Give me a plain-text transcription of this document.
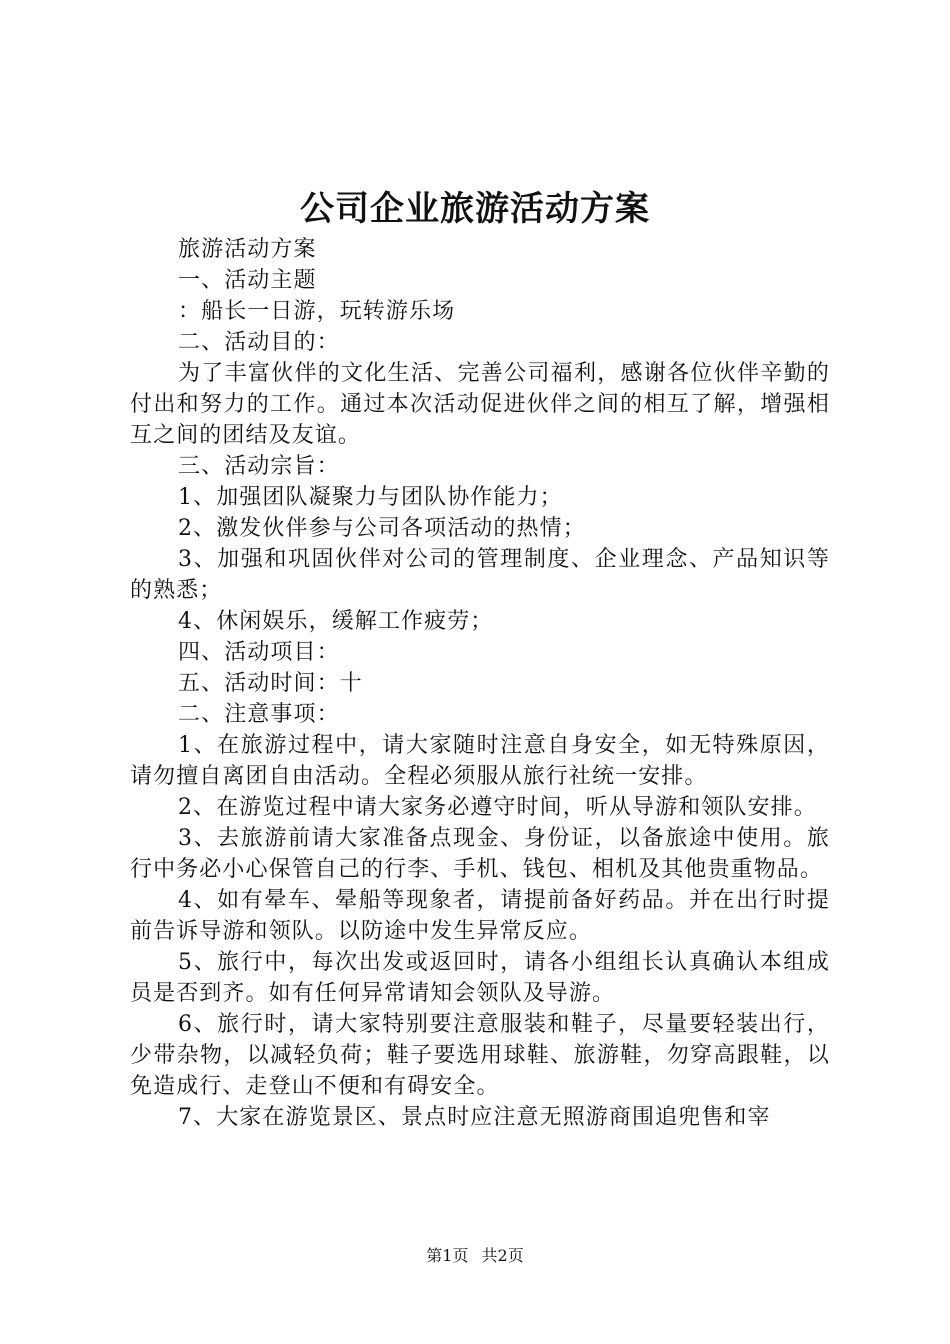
公司企业旅游活动方案

旅游活动方案

一、活动主题

：船长一日游，玩转游乐场

二、活动目的：

为了丰富伙伴的文化生活、完善公司福利，感谢各位伙伴辛勤的付出和努力的工作。通过本次活动促进伙伴之间的相互了解，增强相互之间的团结及友谊。

三、活动宗旨：

1、加强团队凝聚力与团队协作能力；

2、激发伙伴参与公司各项活动的热情；

3、加强和巩固伙伴对公司的管理制度、企业理念、产品知识等的熟悉；

4、休闲娱乐，缓解工作疲劳；

四、活动项目：

五、活动时间：十

二、注意事项：

1、在旅游过程中，请大家随时注意自身安全，如无特殊原因，请勿擅自离团自由活动。全程必须服从旅行社统一安排。

2、在游览过程中请大家务必遵守时间，听从导游和领队安排。

3、去旅游前请大家准备点现金、身份证，以备旅途中使用。旅行中务必小心保管自己的行李、手机、钱包、相机及其他贵重物品。

4、如有晕车、晕船等现象者，请提前备好药品。并在出行时提前告诉导游和领队。以防途中发生异常反应。

5、旅行中，每次出发或返回时，请各小组组长认真确认本组成员是否到齐。如有任何异常请知会领队及导游。

6、旅行时，请大家特别要注意服装和鞋子，尽量要轻装出行，少带杂物，以减轻负荷；鞋子要选用球鞋、旅游鞋，勿穿高跟鞋，以免造成行、走登山不便和有碍安全。

7、大家在游览景区、景点时应注意无照游商围追兜售和宰

第1页 共2页
